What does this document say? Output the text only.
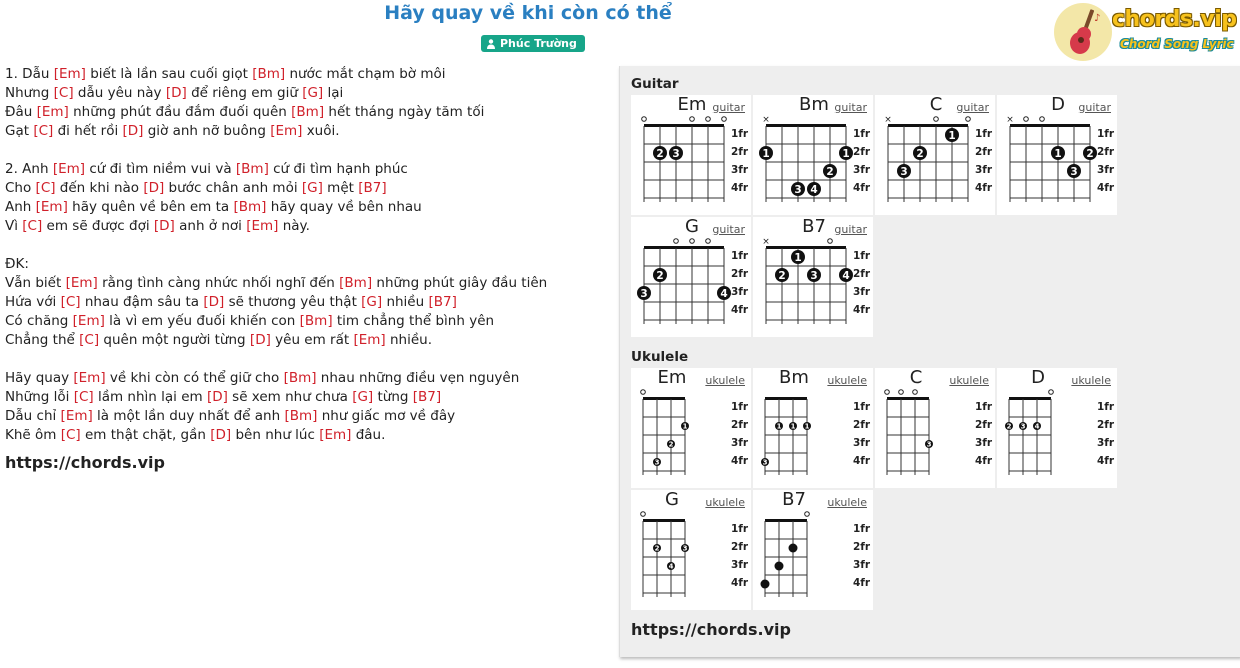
Hãy quay về khi còn có thể
Phúc Trường
♪ chords.vip
Chord Song Lyric
1. Dẫu [Em] biết là lần sau cuối giọt [Bm] nước mắt chạm bờ môi
Nhưng [C] dẫu yêu này [D] để riêng em giữ [G] lại
Đâu [Em] những phút đầu đắm đuối quên [Bm] hết tháng ngày tăm tối
Gạt [C] đi hết rồi [D] giờ anh nỡ buông [Em] xuôi.
2. Anh [Em] cứ đi tìm niềm vui và [Bm] cứ đi tìm hạnh phúc
Cho [C] đến khi nào [D] bước chân anh mỏi [G] mệt [B7]
Anh [Em] hãy quên về bên em ta [Bm] hãy quay về bên nhau
Vì [C] em sẽ được đợi [D] anh ở nơi [Em] này.
ĐK:
Vẫn biết [Em] rằng tình càng nhức nhối nghĩ đến [Bm] những phút giây đầu tiên
Hứa với [C] nhau đậm sâu ta [D] sẽ thương yêu thật [G] nhiều [B7]
Có chăng [Em] là vì em yếu đuối khiến con [Bm] tim chẳng thể bình yên
Chẳng thể [C] quên một người từng [D] yêu em rất [Em] nhiều.
Hãy quay [Em] về khi còn có thể giữ cho [Bm] nhau những điều vẹn nguyên
Những lỗi [C] lầm nhìn lại em [D] sẽ xem như chưa [G] từng [B7]
Dẫu chỉ [Em] là một lần duy nhất để anh [Bm] như giấc mơ về đây
Khẽ ôm [C] em thật chặt, gần [D] bên như lúc [Em] đâu.
https://chords.vip
Guitar
Em guitar
2 3
1fr
2fr
3fr
4fr
Bm guitar
×
1	1
2
3 4
1fr
2fr
3fr
4fr
C	guitar
×
1
2
3
1fr
2fr
3fr
4fr
D	guitar
×
1 2
3
1fr
2fr
3fr
4fr
G	guitar
2
3	4
1fr
2fr
3fr
4fr
B7 guitar
×
1
2 3 4
1fr
2fr
3fr
4fr
Ukulele
Em	ukulele
1
2
3
1fr
2fr
3fr
4fr
Bm	ukulele
1 1 1
3
1fr
2fr
3fr
4fr
C	ukulele
3
1fr
2fr
3fr
4fr
D	ukulele
2 3 4
1fr
2fr
3fr
4fr
G	ukulele
2	3
4
1fr
2fr
3fr
4fr
B7	ukulele
1fr
2fr
3fr
4fr
https://chords.vip
